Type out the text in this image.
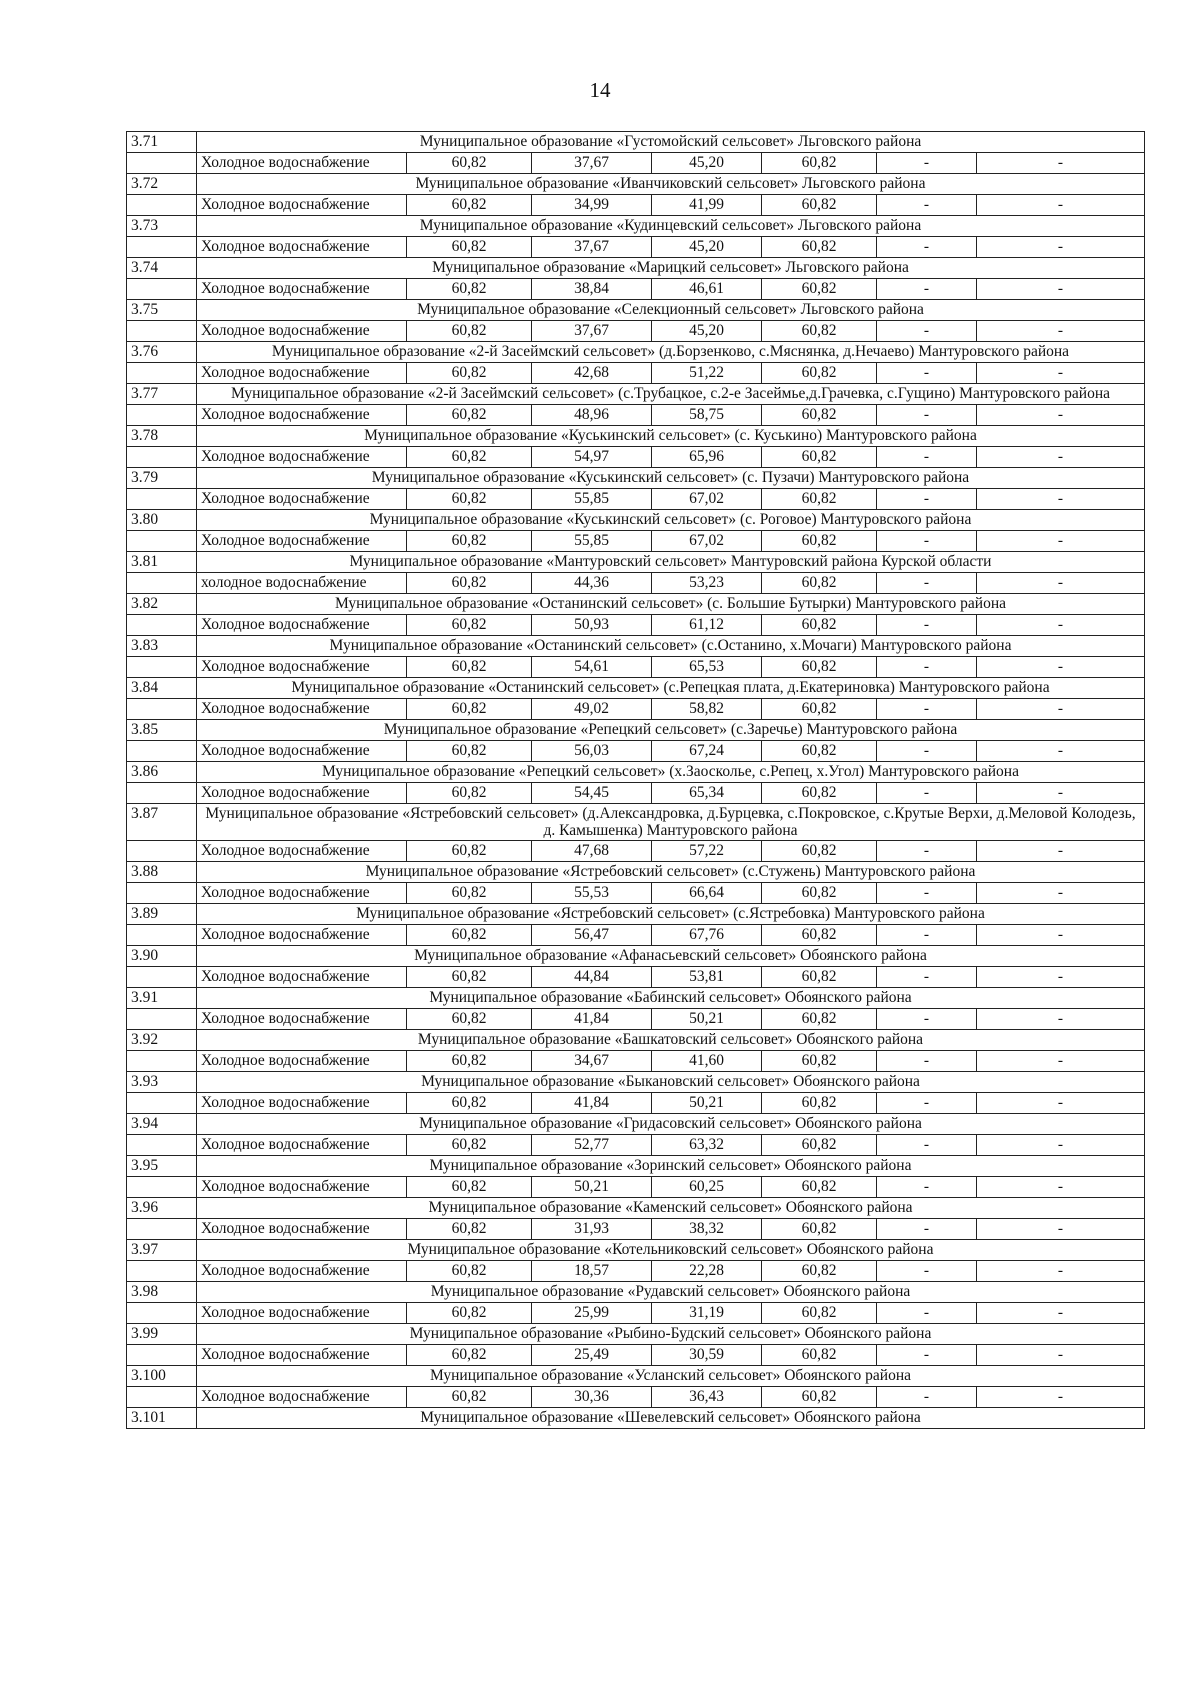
14
3.71	Муниципальное образование «Густомойский сельсовет» Льговского района						
	Холодное водоснабжение	60,82	37,67	45,20	60,82	-	-
3.72	Муниципальное образование «Иванчиковский сельсовет» Льговского района						
	Холодное водоснабжение	60,82	34,99	41,99	60,82	-	-
3.73	Муниципальное образование «Кудинцевский сельсовет» Льговского района						
	Холодное водоснабжение	60,82	37,67	45,20	60,82	-	-
3.74	Муниципальное образование «Марицкий сельсовет» Льговского района						
	Холодное водоснабжение	60,82	38,84	46,61	60,82	-	-
3.75	Муниципальное образование «Селекционный сельсовет» Льговского района						
	Холодное водоснабжение	60,82	37,67	45,20	60,82	-	-
3.76	Муниципальное образование «2-й Засеймский сельсовет» (д.Борзенково, с.Мяснянка, д.Нечаево) Мантуровского района						
	Холодное водоснабжение	60,82	42,68	51,22	60,82	-	-
3.77	Муниципальное образование «2-й Засеймский сельсовет» (с.Трубацкое, с.2-е Засеймье,д.Грачевка, с.Гущино) Мантуровского района						
	Холодное водоснабжение	60,82	48,96	58,75	60,82	-	-
3.78	Муниципальное образование «Куськинский сельсовет» (с. Куськино) Мантуровского района						
	Холодное водоснабжение	60,82	54,97	65,96	60,82	-	-
3.79	Муниципальное образование «Куськинский сельсовет» (с. Пузачи) Мантуровского района						
	Холодное водоснабжение	60,82	55,85	67,02	60,82	-	-
3.80	Муниципальное образование «Куськинский сельсовет» (с. Роговое) Мантуровского района						
	Холодное водоснабжение	60,82	55,85	67,02	60,82	-	-
3.81	Муниципальное образование «Мантуровский сельсовет» Мантуровский района Курской области						
	холодное водоснабжение	60,82	44,36	53,23	60,82	-	-
3.82	Муниципальное образование «Останинский сельсовет» (с. Большие Бутырки) Мантуровского района						
	Холодное водоснабжение	60,82	50,93	61,12	60,82	-	-
3.83	Муниципальное образование «Останинский сельсовет» (с.Останино, х.Мочаги) Мантуровского района						
	Холодное водоснабжение	60,82	54,61	65,53	60,82	-	-
3.84	Муниципальное образование «Останинский сельсовет» (с.Репецкая плата, д.Екатериновка) Мантуровского района						
	Холодное водоснабжение	60,82	49,02	58,82	60,82	-	-
3.85	Муниципальное образование «Репецкий сельсовет» (с.Заречье) Мантуровского района						
	Холодное водоснабжение	60,82	56,03	67,24	60,82	-	-
3.86	Муниципальное образование «Репецкий сельсовет» (х.Заосколье, с.Репец, х.Угол) Мантуровского района						
	Холодное водоснабжение	60,82	54,45	65,34	60,82	-	-
3.87	Муниципальное образование «Ястребовский сельсовет» (д.Александровка, д.Бурцевка, с.Покровское, с.Крутые Верхи, д.Меловой Колодезь, д. Камышенка) Мантуровского района						
	Холодное водоснабжение	60,82	47,68	57,22	60,82	-	-
3.88	Муниципальное образование «Ястребовский сельсовет» (с.Стужень) Мантуровского района						
	Холодное водоснабжение	60,82	55,53	66,64	60,82	-	-
3.89	Муниципальное образование «Ястребовский сельсовет» (с.Ястребовка) Мантуровского района						
	Холодное водоснабжение	60,82	56,47	67,76	60,82	-	-
3.90	Муниципальное образование «Афанасьевский сельсовет» Обоянского района						
	Холодное водоснабжение	60,82	44,84	53,81	60,82	-	-
3.91	Муниципальное образование «Бабинский сельсовет» Обоянского района						
	Холодное водоснабжение	60,82	41,84	50,21	60,82	-	-
3.92	Муниципальное образование «Башкатовский сельсовет» Обоянского района						
	Холодное водоснабжение	60,82	34,67	41,60	60,82	-	-
3.93	Муниципальное образование «Быкановский сельсовет» Обоянского района						
	Холодное водоснабжение	60,82	41,84	50,21	60,82	-	-
3.94	Муниципальное образование «Гридасовский сельсовет» Обоянского района						
	Холодное водоснабжение	60,82	52,77	63,32	60,82	-	-
3.95	Муниципальное образование «Зоринский сельсовет» Обоянского района						
	Холодное водоснабжение	60,82	50,21	60,25	60,82	-	-
3.96	Муниципальное образование «Каменский сельсовет» Обоянского района						
	Холодное водоснабжение	60,82	31,93	38,32	60,82	-	-
3.97	Муниципальное образование «Котельниковский сельсовет» Обоянского района						
	Холодное водоснабжение	60,82	18,57	22,28	60,82	-	-
3.98	Муниципальное образование «Рудавский сельсовет» Обоянского района						
	Холодное водоснабжение	60,82	25,99	31,19	60,82	-	-
3.99	Муниципальное образование «Рыбино-Будский сельсовет» Обоянского района						
	Холодное водоснабжение	60,82	25,49	30,59	60,82	-	-
3.100	Муниципальное образование «Усланский сельсовет» Обоянского района						
	Холодное водоснабжение	60,82	30,36	36,43	60,82	-	-
3.101	Муниципальное образование «Шевелевский сельсовет» Обоянского района						
